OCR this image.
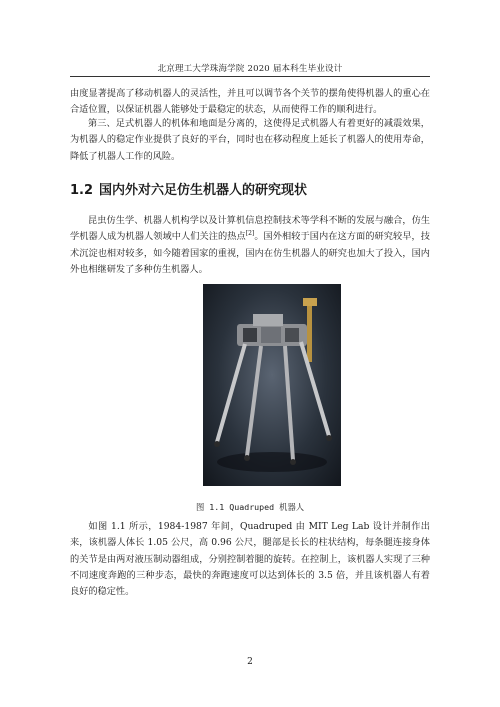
北京理工大学珠海学院 2020 届本科生毕业设计

由度显著提高了移动机器人的灵活性，并且可以调节各个关节的摆角使得机器人的重心在合适位置，以保证机器人能够处于最稳定的状态，从而使得工作的顺利进行。

第三、足式机器人的机体和地面是分离的，这使得足式机器人有着更好的减震效果，为机器人的稳定作业提供了良好的平台，同时也在移动程度上延长了机器人的使用寿命，降低了机器人工作的风险。

1.2 国内外对六足仿生机器人的研究现状

昆虫仿生学、机器人机构学以及计算机信息控制技术等学科不断的发展与融合，仿生学机器人成为机器人领域中人们关注的热点[2]。国外相较于国内在这方面的研究较早，技术沉淀也相对较多，如今随着国家的重视，国内在仿生机器人的研究也加大了投入，国内外也相继研发了多种仿生机器人。

图 1.1 Quadruped 机器人

如图 1.1 所示，1984-1987 年间，Quadruped 由 MIT Leg Lab 设计并制作出来，该机器人体长 1.05 公尺，高 0.96 公尺，腿部是长长的柱状结构，每条腿连接身体的关节是由两对液压制动器组成，分别控制着腿的旋转。在控制上，该机器人实现了三种不同速度奔跑的三种步态，最快的奔跑速度可以达到体长的 3.5 倍，并且该机器人有着良好的稳定性。

2
